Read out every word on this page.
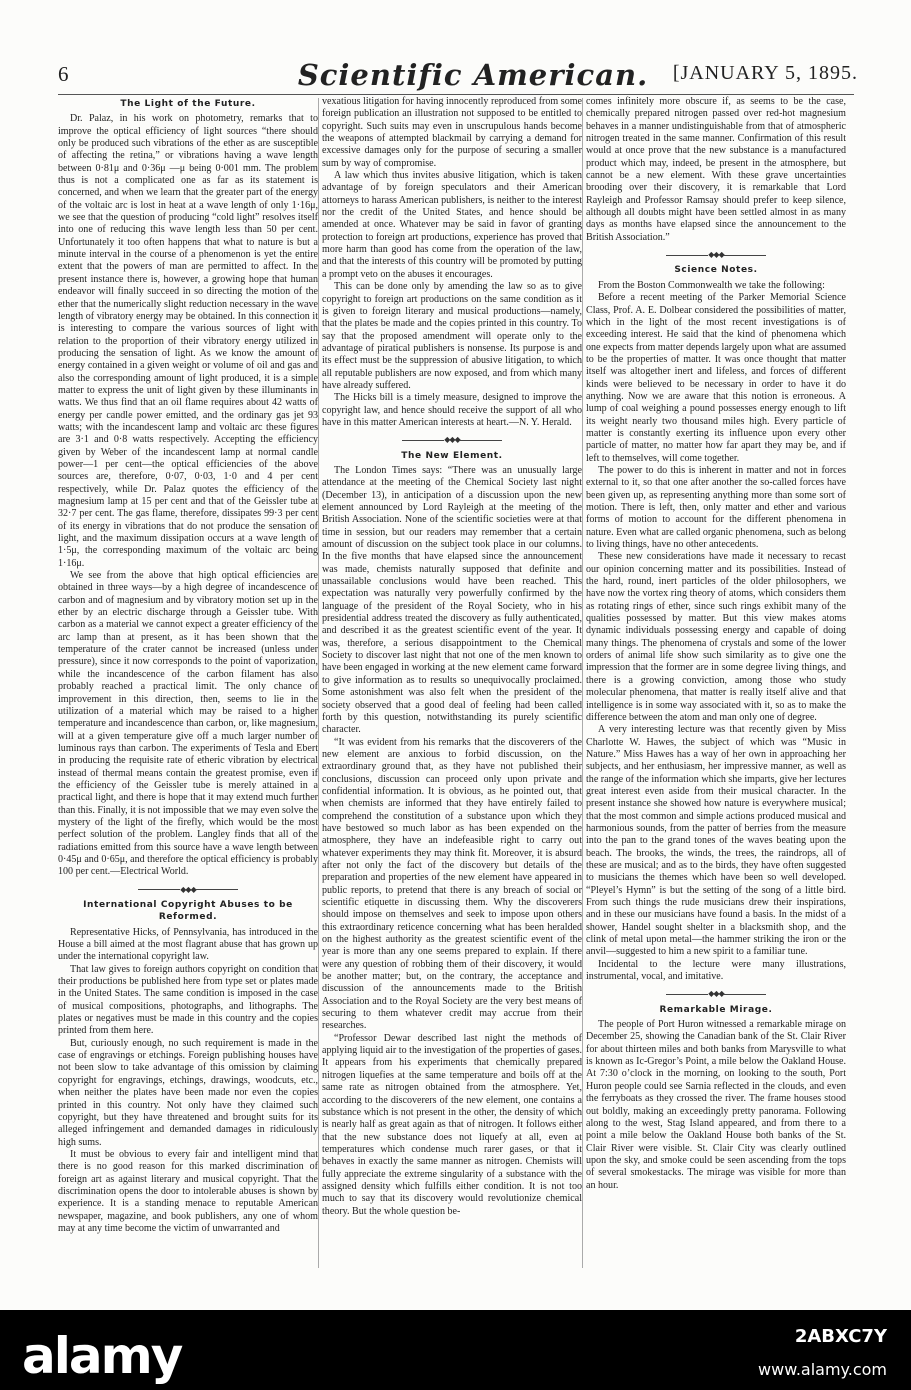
6	Scientific American.	[JANUARY 5, 1895.
The Light of the Future.

Dr. Palaz, in his work on photometry, remarks that to improve the optical efficiency of light sources “there should only be produced such vibrations of the ether as are susceptible of affecting the retina,” or vibrations having a wave length between 0·81μ and 0·36μ —μ being 0·001 mm. The problem thus is not a complicated one as far as its statement is concerned, and when we learn that the greater part of the energy of the voltaic arc is lost in heat at a wave length of only 1·16μ, we see that the question of producing “cold light” resolves itself into one of reducing this wave length less than 50 per cent. Unfortunately it too often happens that what to nature is but a minute interval in the course of a phenomenon is yet the entire extent that the powers of man are permitted to affect. In the present instance there is, however, a growing hope that human endeavor will finally succeed in so directing the motion of the ether that the numerically slight reduction necessary in the wave length of vibratory energy may be obtained. In this connection it is interesting to compare the various sources of light with relation to the proportion of their vibratory energy utilized in producing the sensation of light. As we know the amount of energy contained in a given weight or volume of oil and gas and also the corresponding amount of light produced, it is a simple matter to express the unit of light given by these illuminants in watts. We thus find that an oil flame requires about 42 watts of energy per candle power emitted, and the ordinary gas jet 93 watts; with the incandescent lamp and voltaic arc these figures are 3·1 and 0·8 watts respectively. Accepting the efficiency given by Weber of the incandescent lamp at normal candle power—1 per cent—the optical efficiencies of the above sources are, therefore, 0·07, 0·03, 1·0 and 4 per cent respectively, while Dr. Palaz quotes the efficiency of the magnesium lamp at 15 per cent and that of the Geissler tube at 32·7 per cent. The gas flame, therefore, dissipates 99·3 per cent of its energy in vibrations that do not produce the sensation of light, and the maximum dissipation occurs at a wave length of 1·5μ, the corresponding maximum of the voltaic arc being 1·16μ.

We see from the above that high optical efficiencies are obtained in three ways—by a high degree of incandescence of carbon and of magnesium and by vibratory motion set up in the ether by an electric discharge through a Geissler tube. With carbon as a material we cannot expect a greater efficiency of the arc lamp than at present, as it has been shown that the temperature of the crater cannot be increased (unless under pressure), since it now corresponds to the point of vaporization, while the incandescence of the carbon filament has also probably reached a practical limit. The only chance of improvement in this direction, then, seems to lie in the utilization of a material which may be raised to a higher temperature and incandescence than carbon, or, like magnesium, will at a given temperature give off a much larger number of luminous rays than carbon. The experiments of Tesla and Ebert in producing the requisite rate of etheric vibration by electrical instead of thermal means contain the greatest promise, even if the efficiency of the Geissler tube is merely attained in a practical light, and there is hope that it may extend much further than this. Finally, it is not impossible that we may even solve the mystery of the light of the firefly, which would be the most perfect solution of the problem. Langley finds that all of the radiations emitted from this source have a wave length between 0·45μ and 0·65μ, and therefore the optical efficiency is probably 100 per cent.—Electrical World.

◆◆◆
International Copyright Abuses to be Reformed.

Representative Hicks, of Pennsylvania, has introduced in the House a bill aimed at the most flagrant abuse that has grown up under the international copyright law.

That law gives to foreign authors copyright on condition that their productions be published here from type set or plates made in the United States. The same condition is imposed in the case of musical compositions, photographs, and lithographs. The plates or negatives must be made in this country and the copies printed from them here.

But, curiously enough, no such requirement is made in the case of engravings or etchings. Foreign publishing houses have not been slow to take advantage of this omission by claiming copyright for engravings, etchings, drawings, woodcuts, etc., when neither the plates have been made nor even the copies printed in this country. Not only have they claimed such copyright, but they have threatened and brought suits for its alleged infringement and demanded damages in ridiculously high sums.

It must be obvious to every fair and intelligent mind that there is no good reason for this marked discrimination of foreign art as against literary and musical copyright. That the discrimination opens the door to intolerable abuses is shown by experience. It is a standing menace to reputable American newspaper, magazine, and book publishers, any one of whom may at any time become the victim of unwarranted and

vexatious litigation for having innocently reproduced from some foreign publication an illustration not supposed to be entitled to copyright. Such suits may even in unscrupulous hands become the weapons of attempted blackmail by carrying a demand for excessive damages only for the purpose of securing a smaller sum by way of compromise.

A law which thus invites abusive litigation, which is taken advantage of by foreign speculators and their American attorneys to harass American publishers, is neither to the interest nor the credit of the United States, and hence should be amended at once. Whatever may be said in favor of granting protection to foreign art productions, experience has proved that more harm than good has come from the operation of the law, and that the interests of this country will be promoted by putting a prompt veto on the abuses it encourages.

This can be done only by amending the law so as to give copyright to foreign art productions on the same condition as it is given to foreign literary and musical productions—namely, that the plates be made and the copies printed in this country. To say that the proposed amendment will operate only to the advantage of piratical publishers is nonsense. Its purpose is and its effect must be the suppression of abusive litigation, to which all reputable publishers are now exposed, and from which many have already suffered.

The Hicks bill is a timely measure, designed to improve the copyright law, and hence should receive the support of all who have in this matter American interests at heart.—N. Y. Herald.

◆◆◆
The New Element.

The London Times says: “There was an unusually large attendance at the meeting of the Chemical Society last night (December 13), in anticipation of a discussion upon the new element announced by Lord Rayleigh at the meeting of the British Association. None of the scientific societies were at that time in session, but our readers may remember that a certain amount of discussion on the subject took place in our columns. In the five months that have elapsed since the announcement was made, chemists naturally supposed that definite and unassailable conclusions would have been reached. This expectation was naturally very powerfully confirmed by the language of the president of the Royal Society, who in his presidential address treated the discovery as fully authenticated, and described it as the greatest scientific event of the year. It was, therefore, a serious disappointment to the Chemical Society to discover last night that not one of the men known to have been engaged in working at the new element came forward to give information as to results so unequivocally proclaimed. Some astonishment was also felt when the president of the society observed that a good deal of feeling had been called forth by this question, notwithstanding its purely scientific character.

“It was evident from his remarks that the discoverers of the new element are anxious to forbid discussion, on the extraordinary ground that, as they have not published their conclusions, discussion can proceed only upon private and confidential information. It is obvious, as he pointed out, that when chemists are informed that they have entirely failed to comprehend the constitution of a substance upon which they have bestowed so much labor as has been expended on the atmosphere, they have an indefeasible right to carry out whatever experiments they may think fit. Moreover, it is absurd after not only the fact of the discovery but details of the preparation and properties of the new element have appeared in public reports, to pretend that there is any breach of social or scientific etiquette in discussing them. Why the discoverers should impose on themselves and seek to impose upon others this extraordinary reticence concerning what has been heralded on the highest authority as the greatest scientific event of the year is more than any one seems prepared to explain. If there were any question of robbing them of their discovery, it would be another matter; but, on the contrary, the acceptance and discussion of the announcements made to the British Association and to the Royal Society are the very best means of securing to them whatever credit may accrue from their researches.

“Professor Dewar described last night the methods of applying liquid air to the investigation of the properties of gases. It appears from his experiments that chemically prepared nitrogen liquefies at the same temperature and boils off at the same rate as nitrogen obtained from the atmosphere. Yet, according to the discoverers of the new element, one contains a substance which is not present in the other, the density of which is nearly half as great again as that of nitrogen. It follows either that the new substance does not liquefy at all, even at temperatures which condense much rarer gases, or that it behaves in exactly the same manner as nitrogen. Chemists will fully appreciate the extreme singularity of a substance with the assigned density which fulfills either condition. It is not too much to say that its discovery would revolutionize chemical theory. But the whole question be-

comes infinitely more obscure if, as seems to be the case, chemically prepared nitrogen passed over red-hot magnesium behaves in a manner undistinguishable from that of atmospheric nitrogen treated in the same manner. Confirmation of this result would at once prove that the new substance is a manufactured product which may, indeed, be present in the atmosphere, but cannot be a new element. With these grave uncertainties brooding over their discovery, it is remarkable that Lord Rayleigh and Professor Ramsay should prefer to keep silence, although all doubts might have been settled almost in as many days as months have elapsed since the announcement to the British Association.”

◆◆◆
Science Notes.

From the Boston Commonwealth we take the following:

Before a recent meeting of the Parker Memorial Science Class, Prof. A. E. Dolbear considered the possibilities of matter, which in the light of the most recent investigations is of exceeding interest. He said that the kind of phenomena which one expects from matter depends largely upon what are assumed to be the properties of matter. It was once thought that matter itself was altogether inert and lifeless, and forces of different kinds were believed to be necessary in order to have it do anything. Now we are aware that this notion is erroneous. A lump of coal weighing a pound possesses energy enough to lift its weight nearly two thousand miles high. Every particle of matter is constantly exerting its influence upon every other particle of matter, no matter how far apart they may be, and if left to themselves, will come together.

The power to do this is inherent in matter and not in forces external to it, so that one after another the so-called forces have been given up, as representing anything more than some sort of motion. There is left, then, only matter and ether and various forms of motion to account for the different phenomena in nature. Even what are called organic phenomena, such as belong to living things, have no other antecedents.

These new considerations have made it necessary to recast our opinion concerning matter and its possibilities. Instead of the hard, round, inert particles of the older philosophers, we have now the vortex ring theory of atoms, which considers them as rotating rings of ether, since such rings exhibit many of the qualities possessed by matter. But this view makes atoms dynamic individuals possessing energy and capable of doing many things. The phenomena of crystals and some of the lower orders of animal life show such similarity as to give one the impression that the former are in some degree living things, and there is a growing conviction, among those who study molecular phenomena, that matter is really itself alive and that intelligence is in some way associated with it, so as to make the difference between the atom and man only one of degree.

A very interesting lecture was that recently given by Miss Charlotte W. Hawes, the subject of which was “Music in Nature.” Miss Hawes has a way of her own in approaching her subjects, and her enthusiasm, her impressive manner, as well as the range of the information which she imparts, give her lectures great interest even aside from their musical character. In the present instance she showed how nature is everywhere musical; that the most common and simple actions produced musical and harmonious sounds, from the patter of berries from the measure into the pan to the grand tones of the waves beating upon the beach. The brooks, the winds, the trees, the raindrops, all of these are musical; and as to the birds, they have often suggested to musicians the themes which have been so well developed. “Pleyel’s Hymn” is but the setting of the song of a little bird. From such things the rude musicians drew their inspirations, and in these our musicians have found a basis. In the midst of a shower, Handel sought shelter in a blacksmith shop, and the clink of metal upon metal—the hammer striking the iron or the anvil—suggested to him a new spirit to a familiar tune.

Incidental to the lecture were many illustrations, instrumental, vocal, and imitative.

◆◆◆
Remarkable Mirage.

The people of Port Huron witnessed a remarkable mirage on December 25, showing the Canadian bank of the St. Clair River for about thirteen miles and both banks from Marysville to what is known as Ic-Gregor’s Point, a mile below the Oakland House. At 7:30 o’clock in the morning, on looking to the south, Port Huron people could see Sarnia reflected in the clouds, and even the ferryboats as they crossed the river. The frame houses stood out boldly, making an exceedingly pretty panorama. Following along to the west, Stag Island appeared, and from there to a point a mile below the Oakland House both banks of the St. Clair River were visible. St. Clair City was clearly outlined upon the sky, and smoke could be seen ascending from the tops of several smokestacks. The mirage was visible for more than an hour.

alamy	2ABXC7Y
www.alamy.com
